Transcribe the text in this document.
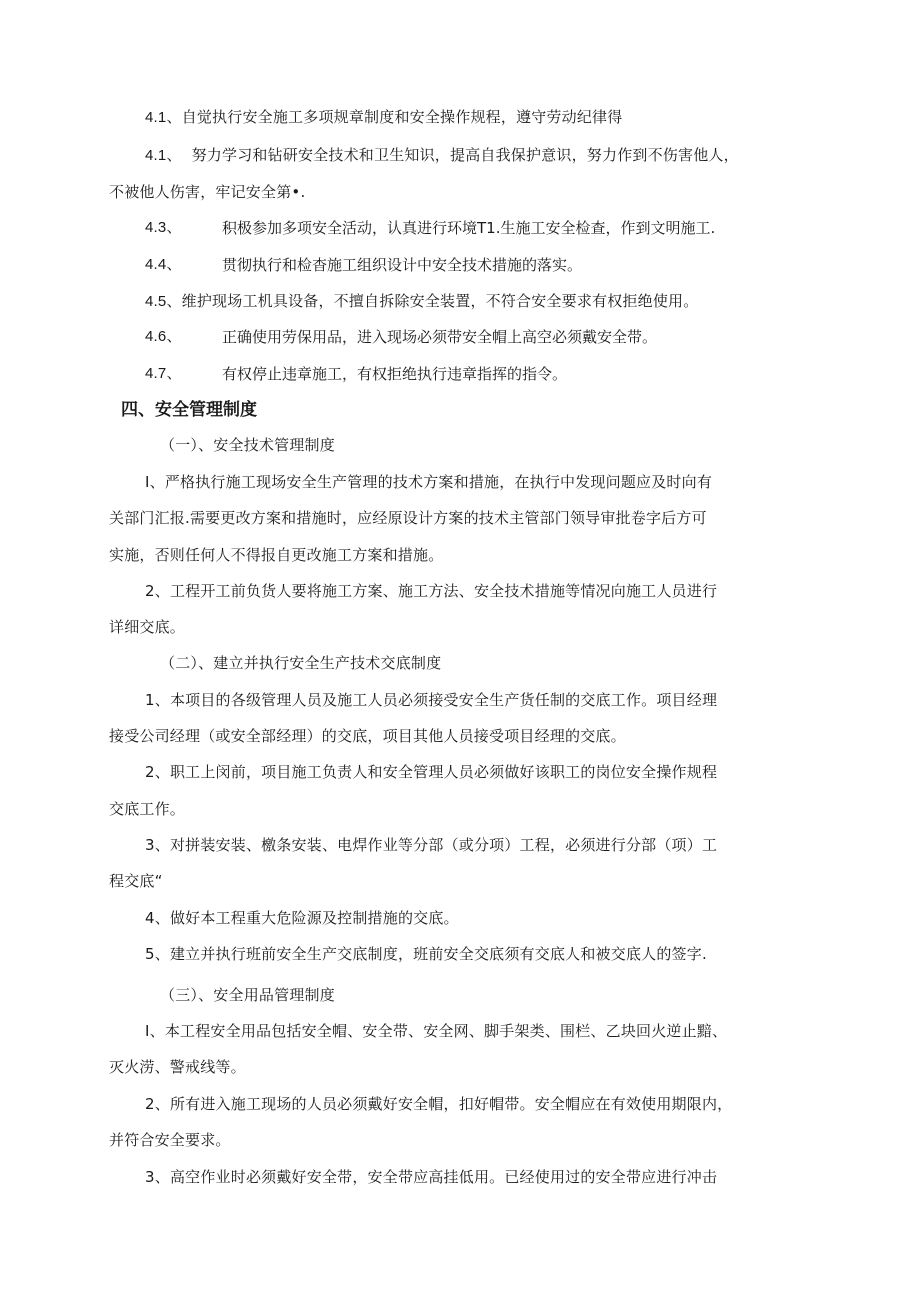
4.1、自觉执行安全施工多项规章制度和安全操作规程，遵守劳动纪律得
4.1、 努力学习和钻研安全技术和卫生知识，提高自我保护意识，努力作到不伤害他人，
不被他人伤害，牢记安全第•.
4.3、	积极参加多项安全活动，认真进行环境T1.生施工安全检查，作到文明施工.
4.4、	贯彻执行和检杳施工组织设计中安全技术措施的落实。
4.5、维护现场工机具设备，不擅自拆除安全装置，不符合安全要求有权拒绝使用。
4.6、	正确使用劳保用品，进入现场必须带安全帽上高空必须戴安全带。
4.7、	有权停止违章施工，有权拒绝执行违章指挥的指令。
四、安全管理制度
（一）、安全技术管理制度
I、严格执行施工现场安全生产管理的技术方案和措施，在执行中发现问题应及时向有
关部门汇报.需要更改方案和措施时，应经原设计方案的技术主管部门领导审批卷字后方可
实施，否则任何人不得报自更改施工方案和措施。
2、工程开工前负货人要将施工方案、施工方法、安全技术措施等情况向施工人员进行
详细交底。
（二）、建立并执行安全生产技术交底制度
1、本项目的各级管理人员及施工人员必须接受安全生产货任制的交底工作。项目经理
接受公司经理（或安全部经理）的交底，项目其他人员接受项目经理的交底。
2、职工上闵前，项目施工负责人和安全管理人员必须做好该职工的岗位安全操作规程
交底工作。
3、对拼装安装、檄条安装、电焊作业等分部（或分项）工程，必须进行分部（项）工
程交底“
4、做好本工程重大危险源及控制措施的交底。
5、建立并执行班前安全生产交底制度，班前安全交底须有交底人和被交底人的签字.
（三）、安全用品管理制度
I、本工程安全用品包括安全帽、安全带、安全网、脚手架类、围栏、乙块回火逆止黯、
灭火涝、警戒线等。
2、所有进入施工现场的人员必须戴好安全帽，扣好帽带。安全帽应在有效使用期限内，
并符合安全要求。
3、高空作业时必须戴好安全带，安全带应高挂低用。已经使用过的安全带应进行冲击
